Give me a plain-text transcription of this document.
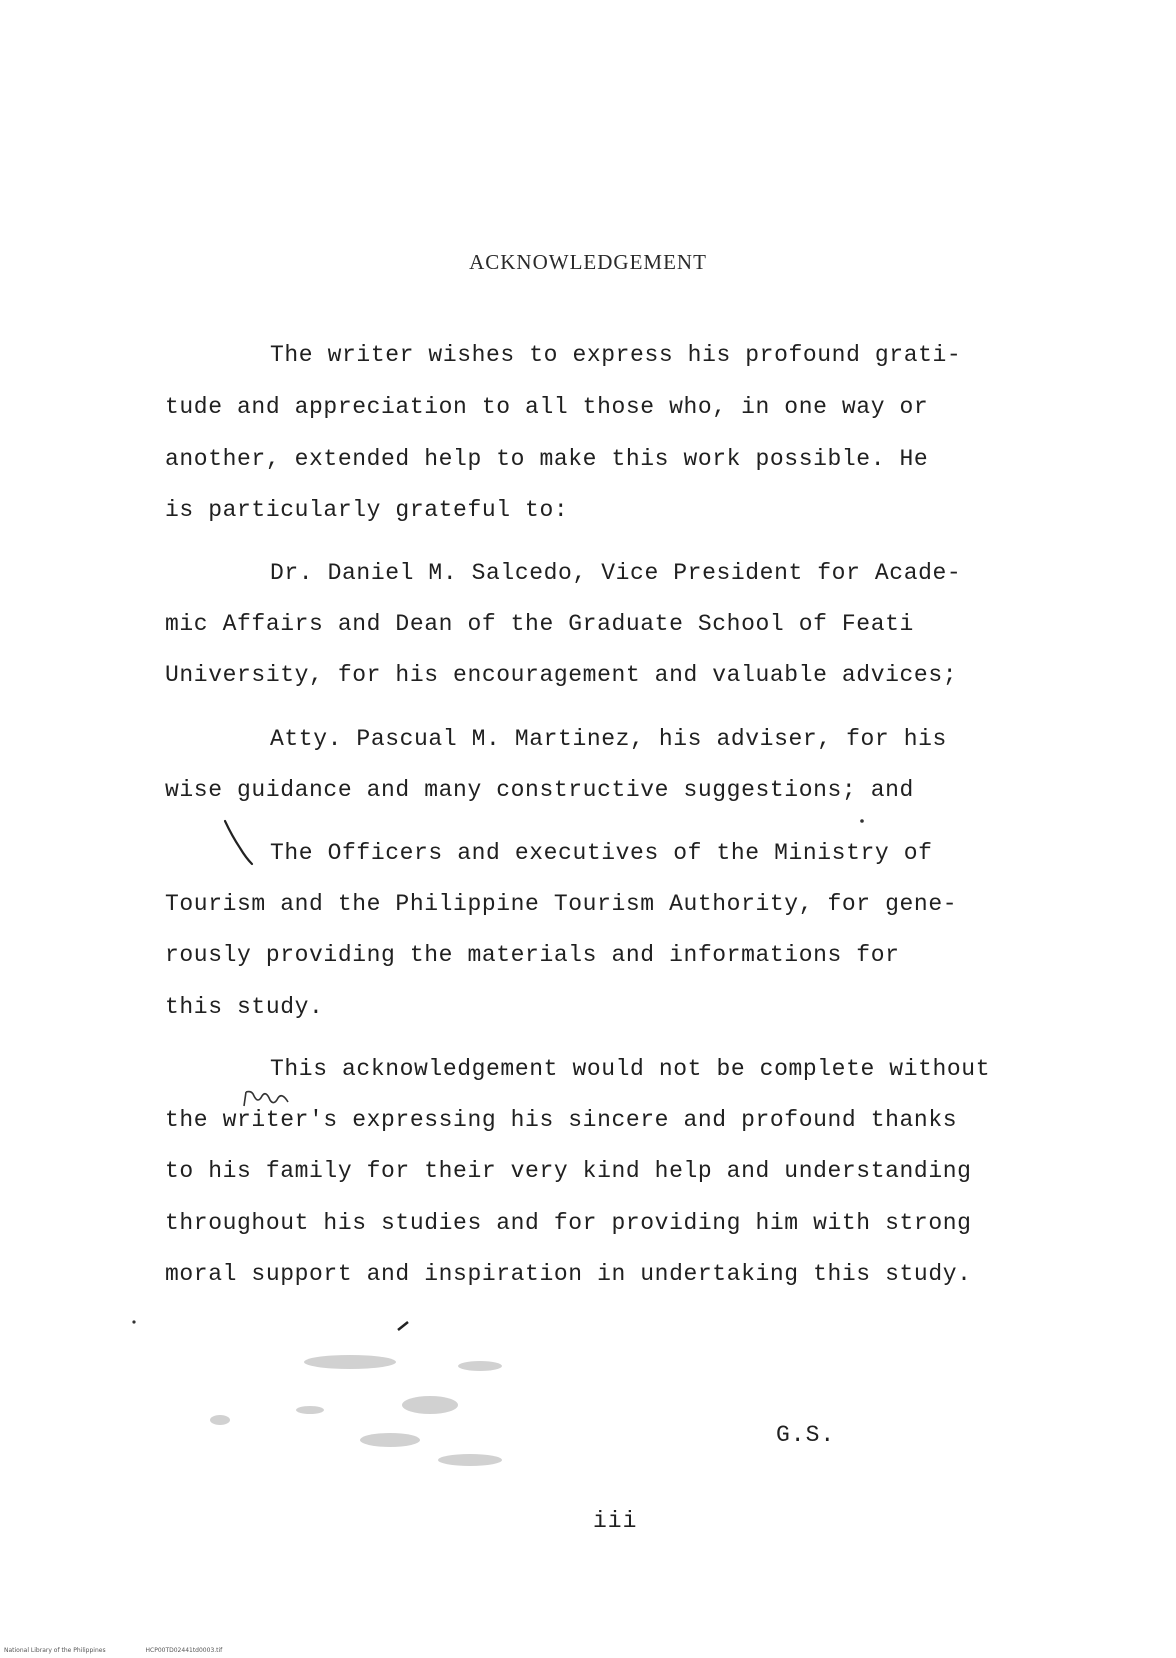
ACKNOWLEDGEMENT
The writer wishes to express his profound grati-
tude and appreciation to all those who, in one way or
another, extended help to make this work possible. He
is particularly grateful to:
Dr. Daniel M. Salcedo, Vice President for Acade-
mic Affairs and Dean of the Graduate School of Feati
University, for his encouragement and valuable advices;
Atty. Pascual M. Martinez, his adviser, for his
wise guidance and many constructive suggestions; and
The Officers and executives of the Ministry of
Tourism and the Philippine Tourism Authority, for gene-
rously providing the materials and informations for
this study.
This acknowledgement would not be complete without
the writer's expressing his sincere and profound thanks
to his family for their very kind help and understanding
throughout his studies and for providing him with strong
moral support and inspiration in undertaking this study.
G.S.
iii
National Library of the Philippines	HCP00TD02441td0003.tif
